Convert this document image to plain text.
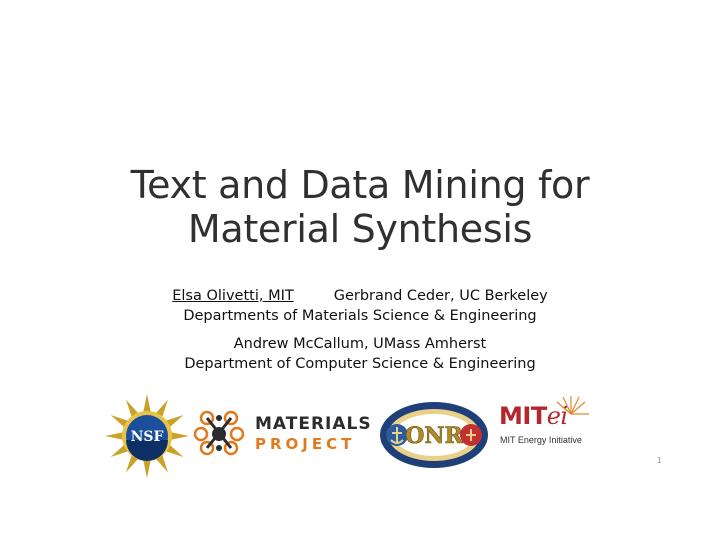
Text and Data Mining for
Material Synthesis
Elsa Olivetti, MIT	Gerbrand Ceder, UC Berkeley
Departments of Materials Science & Engineering
Andrew McCallum, UMass Amherst
Department of Computer Science & Engineering
NSF
MATERIALS
PROJECT ONR
MITei
MIT Energy Initiative
1
